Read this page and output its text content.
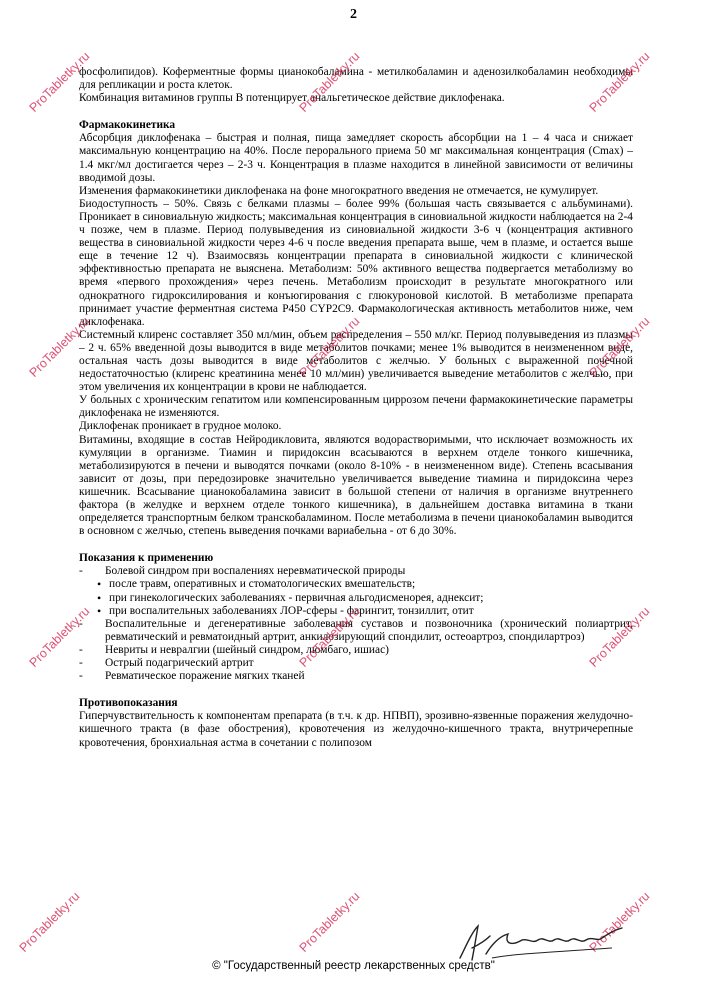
2

фосфолипидов). Коферментные формы цианокобаламина - метилкобаламин и аденозилкобаламин необходимы для репликации и роста клеток.

Комбинация витаминов группы В потенцирует анальгетическое действие диклофенака.

Фармакокинетика

Абсорбция диклофенака – быстрая и полная, пища замедляет скорость абсорбции на 1 – 4 часа и снижает максимальную концентрацию на 40%. После перорального приема 50 мг максимальная концентрация (Cmax) – 1.4 мкг/мл достигается через – 2-3 ч. Концентрация в плазме находится в линейной зависимости от величины вводимой дозы.

Изменения фармакокинетики диклофенака на фоне многократного введения не отмечается, не кумулирует.

Биодоступность – 50%. Связь с белками плазмы – более 99% (большая часть связывается с альбуминами). Проникает в синовиальную жидкость; максимальная концентрация в синовиальной жидкости наблюдается на 2-4 ч позже, чем в плазме. Период полувыведения из синовиальной жидкости 3-6 ч (концентрация активного вещества в синовиальной жидкости через 4-6 ч после введения препарата выше, чем в плазме, и остается выше еще в течение 12 ч). Взаимосвязь концентрации препарата в синовиальной жидкости с клинической эффективностью препарата не выяснена. Метаболизм: 50% активного вещества подвергается метаболизму во время «первого прохождения» через печень. Метаболизм происходит в результате многократного или однократного гидроксилирования и конъюгирования с глюкуроновой кислотой. В метаболизме препарата принимает участие ферментная система P450 CYP2C9. Фармакологическая активность метаболитов ниже, чем диклофенака.

Системный клиренс составляет 350 мл/мин, объем распределения – 550 мл/кг. Период полувыведения из плазмы – 2 ч. 65% введенной дозы выводится в виде метаболитов почками; менее 1% выводится в неизмененном виде, остальная часть дозы выводится в виде метаболитов с желчью. У больных с выраженной почечной недостаточностью (клиренс креатинина менее 10 мл/мин) увеличивается выведение метаболитов с желчью, при этом увеличения их концентрации в крови не наблюдается.

У больных с хроническим гепатитом или компенсированным циррозом печени фармакокинетические параметры диклофенака не изменяются.

Диклофенак проникает в грудное молоко.

Витамины, входящие в состав Нейродикловита, являются водорастворимыми, что исключает возможность их кумуляции в организме. Тиамин и пиридоксин всасываются в верхнем отделе тонкого кишечника, метаболизируются в печени и выводятся почками (около 8-10% - в неизмененном виде). Степень всасывания зависит от дозы, при передозировке значительно увеличивается выведение тиамина и пиридоксина через кишечник. Всасывание цианокобаламина зависит в большой степени от наличия в организме внутреннего фактора (в желудке и верхнем отделе тонкого кишечника), в дальнейшем доставка витамина в ткани определяется транспортным белком транскобаламином. После метаболизма в печени цианокобаламин выводится в основном с желчью, степень выведения почками вариабельна - от 6 до 30%.

Показания к применению
- Болевой синдром при воспалениях неревматической природы
• после травм, оперативных и стоматологических вмешательств;
• при гинекологических заболеваниях - первичная альгодисменорея, аднексит;
• при воспалительных заболеваниях ЛОР-сферы - фарингит, тонзиллит, отит
- Воспалительные и дегенеративные заболевания суставов и позвоночника (хронический полиартрит, ревматический и ревматоидный артрит, анкилозирующий спондилит, остеоартроз, спондилартроз)
- Невриты и невралгии (шейный синдром, люмбаго, ишиас)
- Острый подагрический артрит
- Ревматическое поражение мягких тканей
Противопоказания

Гиперчувствительность к компонентам препарата (в т.ч. к др. НПВП), эрозивно-язвенные поражения желудочно-кишечного тракта (в фазе обострения), кровотечения из желудочно-кишечного тракта, внутричерепные кровотечения, бронхиальная астма в сочетании с полипозом

ProTabletky.ru	ProTabletky.ru	ProTabletky.ru
ProTabletky.ru	ProTabletky.ru	ProTabletky.ru
ProTabletky.ru	ProTabletky.ru	ProTabletky.ru
ProTabletky.ru	ProTabletky.ru	ProTabletky.ru
© "Государственный реестр лекарственных средств"
